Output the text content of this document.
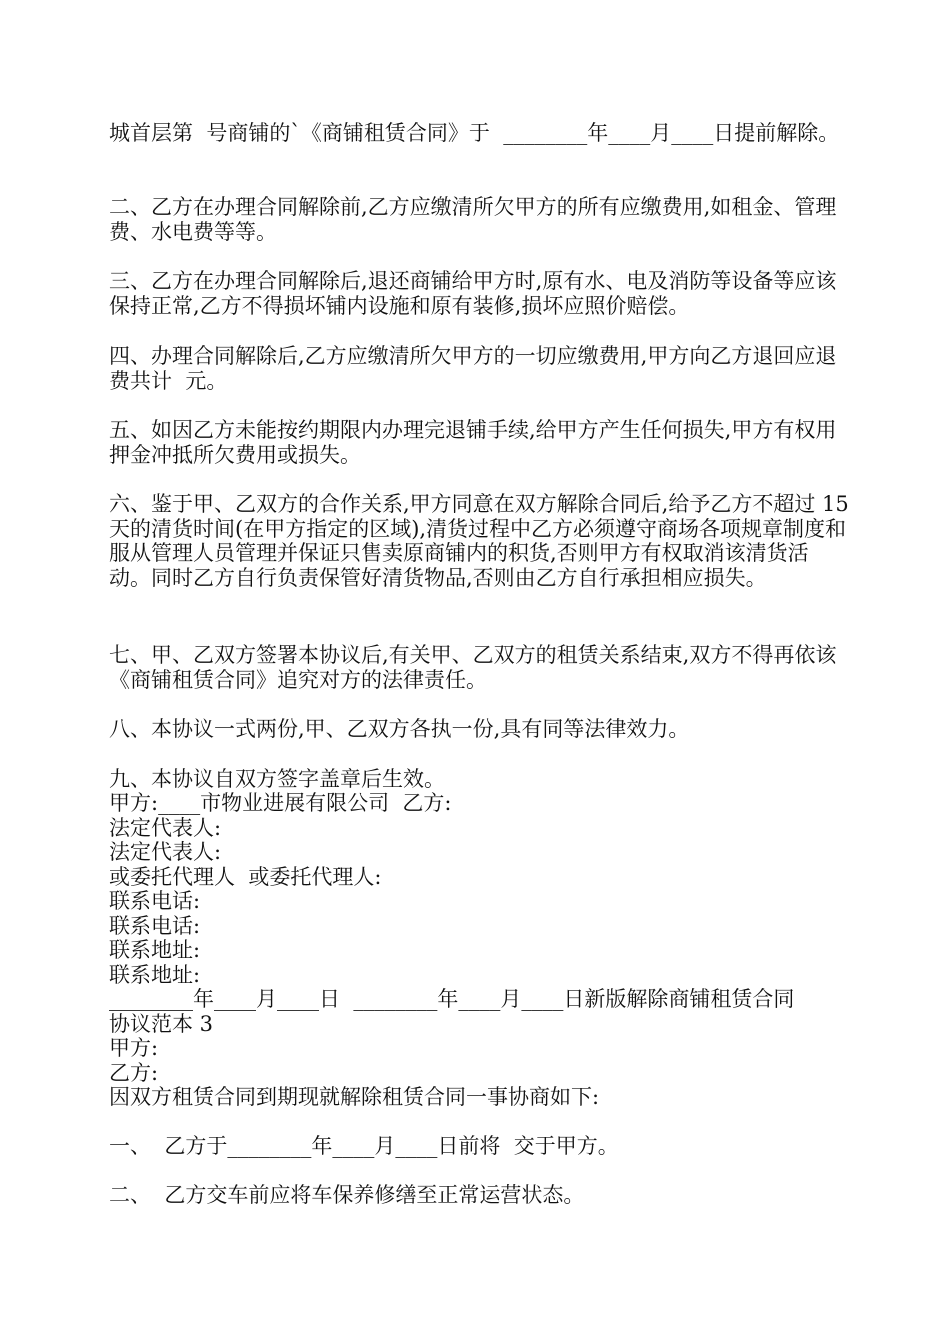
城首层第  号商铺的`《商铺租赁合同》于  ________年____月____日提前解除。

二、乙方在办理合同解除前,乙方应缴清所欠甲方的所有应缴费用,如租金、管理费、水电费等等。

三、乙方在办理合同解除后,退还商铺给甲方时,原有水、电及消防等设备等应该保持正常,乙方不得损坏铺内设施和原有装修,损坏应照价赔偿。

四、办理合同解除后,乙方应缴清所欠甲方的一切应缴费用,甲方向乙方退回应退费共计  元。

五、如因乙方未能按约期限内办理完退铺手续,给甲方产生任何损失,甲方有权用押金冲抵所欠费用或损失。

六、鉴于甲、乙双方的合作关系,甲方同意在双方解除合同后,给予乙方不超过 15 天的清货时间(在甲方指定的区域),清货过程中乙方必须遵守商场各项规章制度和服从管理人员管理并保证只售卖原商铺内的积货,否则甲方有权取消该清货活动。同时乙方自行负责保管好清货物品,否则由乙方自行承担相应损失。

七、甲、乙双方签署本协议后,有关甲、乙双方的租赁关系结束,双方不得再依该《商铺租赁合同》追究对方的法律责任。

八、本协议一式两份,甲、乙双方各执一份,具有同等法律效力。

九、本协议自双方签字盖章后生效。

甲方:____市物业进展有限公司  乙方:

法定代表人:

法定代表人:

或委托代理人  或委托代理人:

联系电话:

联系电话:

联系地址:

联系地址:

________年____月____日  ________年____月____日新版解除商铺租赁合同

协议范本 3

甲方:

乙方:

因双方租赁合同到期现就解除租赁合同一事协商如下:

一、  乙方于________年____月____日前将  交于甲方。

二、  乙方交车前应将车保养修缮至正常运营状态。
